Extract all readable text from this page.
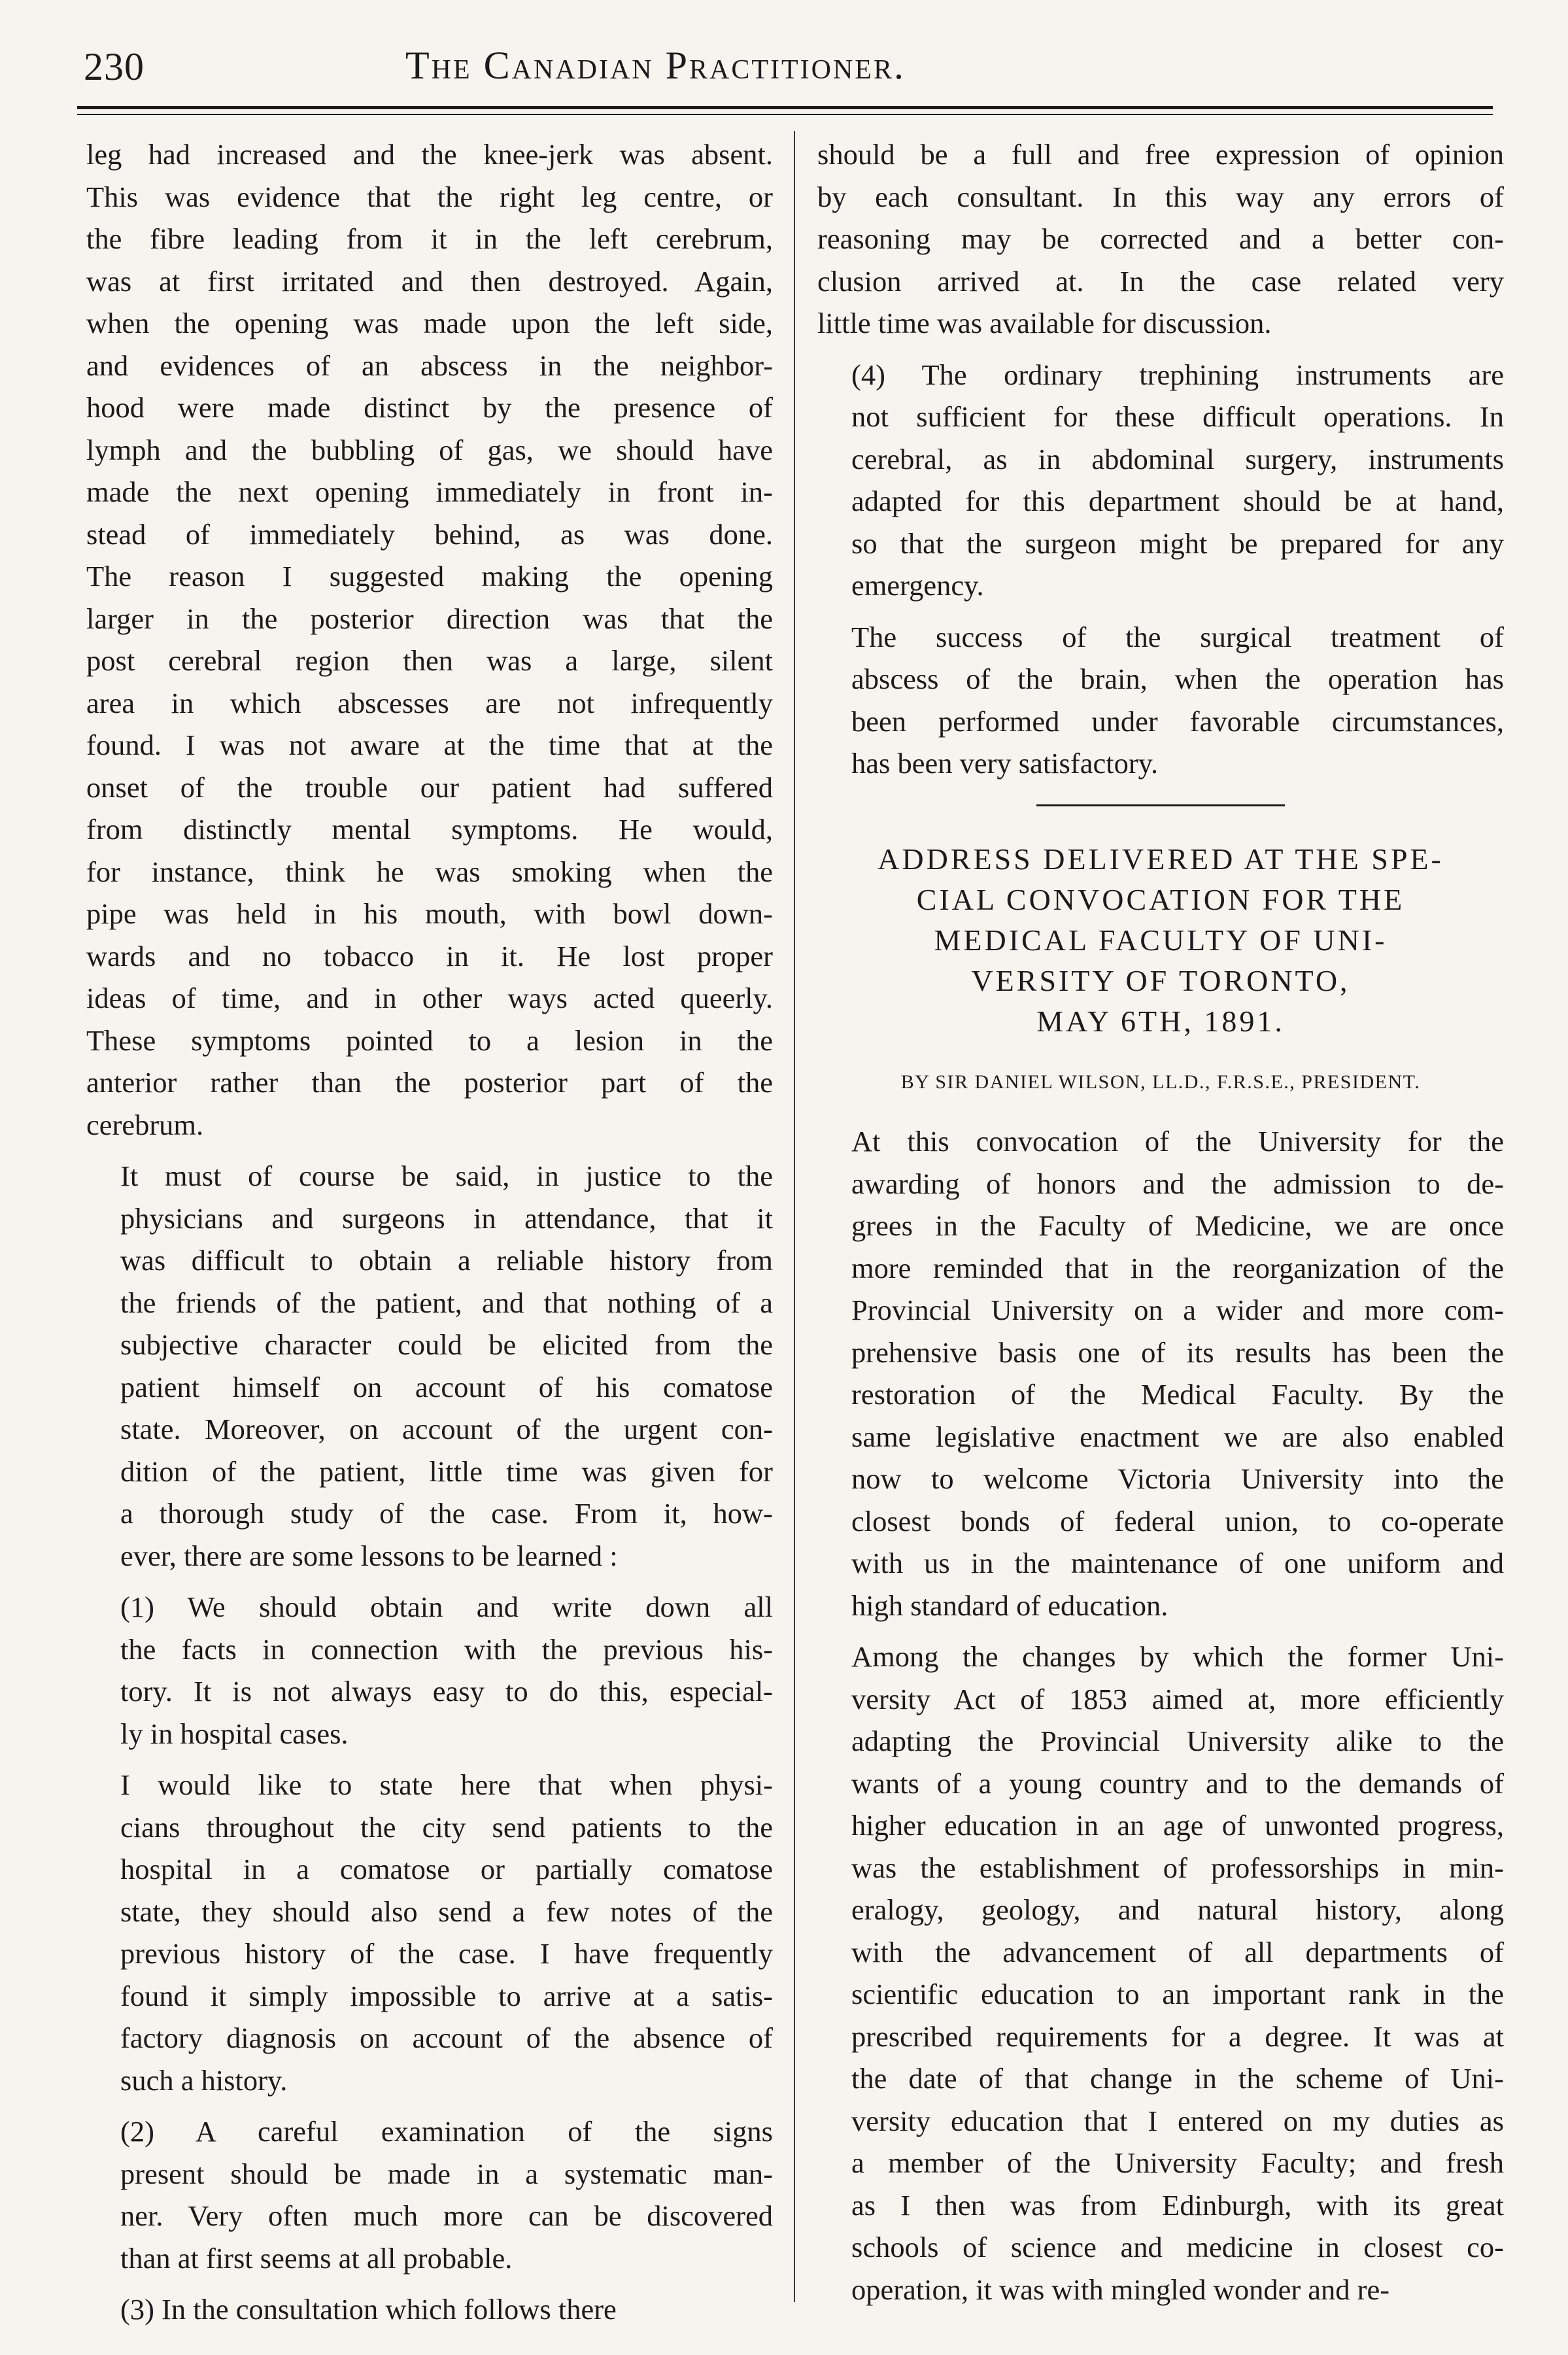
230	The Canadian Practitioner.

leg had increased and the knee-jerk was absent.
This was evidence that the right leg centre, or
the fibre leading from it in the left cerebrum,
was at first irritated and then destroyed. Again,
when the opening was made upon the left side,
and evidences of an abscess in the neighbor-
hood were made distinct by the presence of
lymph and the bubbling of gas, we should have
made the next opening immediately in front in-
stead of immediately behind, as was done.
The reason I suggested making the opening
larger in the posterior direction was that the
post cerebral region then was a large, silent
area in which abscesses are not infrequently
found. I was not aware at the time that at the
onset of the trouble our patient had suffered
from distinctly mental symptoms. He would,
for instance, think he was smoking when the
pipe was held in his mouth, with bowl down-
wards and no tobacco in it. He lost proper
ideas of time, and in other ways acted queerly.
These symptoms pointed to a lesion in the
anterior rather than the posterior part of the
cerebrum.

It must of course be said, in justice to the
physicians and surgeons in attendance, that it
was difficult to obtain a reliable history from
the friends of the patient, and that nothing of a
subjective character could be elicited from the
patient himself on account of his comatose
state. Moreover, on account of the urgent con-
dition of the patient, little time was given for
a thorough study of the case. From it, how-
ever, there are some lessons to be learned :

(1) We should obtain and write down all
the facts in connection with the previous his-
tory. It is not always easy to do this, especial-
ly in hospital cases.

I would like to state here that when physi-
cians throughout the city send patients to the
hospital in a comatose or partially comatose
state, they should also send a few notes of the
previous history of the case. I have frequently
found it simply impossible to arrive at a satis-
factory diagnosis on account of the absence of
such a history.

(2) A careful examination of the signs
present should be made in a systematic man-
ner. Very often much more can be discovered
than at first seems at all probable.

(3) In the consultation which follows there

should be a full and free expression of opinion
by each consultant. In this way any errors of
reasoning may be corrected and a better con-
clusion arrived at. In the case related very
little time was available for discussion.

(4) The ordinary trephining instruments are
not sufficient for these difficult operations. In
cerebral, as in abdominal surgery, instruments
adapted for this department should be at hand,
so that the surgeon might be prepared for any
emergency.

The success of the surgical treatment of
abscess of the brain, when the operation has
been performed under favorable circumstances,
has been very satisfactory.

ADDRESS DELIVERED AT THE SPE-
CIAL CONVOCATION FOR THE
MEDICAL FACULTY OF UNI-
VERSITY OF TORONTO,
MAY 6TH, 1891.
BY SIR DANIEL WILSON, LL.D., F.R.S.E., PRESIDENT.

At this convocation of the University for the
awarding of honors and the admission to de-
grees in the Faculty of Medicine, we are once
more reminded that in the reorganization of the
Provincial University on a wider and more com-
prehensive basis one of its results has been the
restoration of the Medical Faculty. By the
same legislative enactment we are also enabled
now to welcome Victoria University into the
closest bonds of federal union, to co-operate
with us in the maintenance of one uniform and
high standard of education.

Among the changes by which the former Uni-
versity Act of 1853 aimed at, more efficiently
adapting the Provincial University alike to the
wants of a young country and to the demands of
higher education in an age of unwonted progress,
was the establishment of professorships in min-
eralogy, geology, and natural history, along
with the advancement of all departments of
scientific education to an important rank in the
prescribed requirements for a degree. It was at
the date of that change in the scheme of Uni-
versity education that I entered on my duties as
a member of the University Faculty; and fresh
as I then was from Edinburgh, with its great
schools of science and medicine in closest co-
operation, it was with mingled wonder and re-
